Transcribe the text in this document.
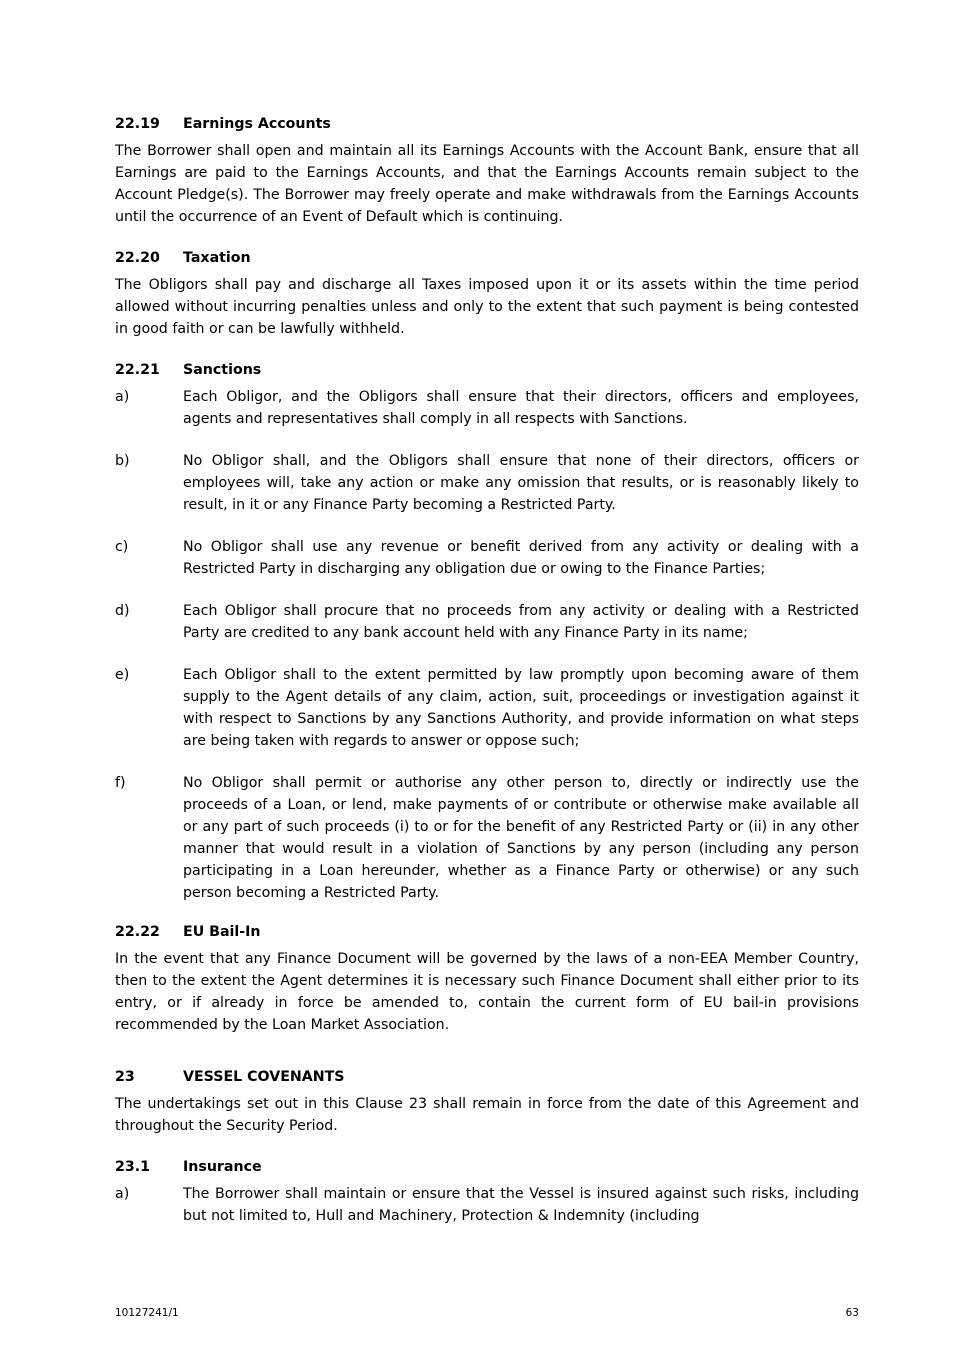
22.19	Earnings Accounts

The Borrower shall open and maintain all its Earnings Accounts with the Account Bank, ensure that all Earnings are paid to the Earnings Accounts, and that the Earnings Accounts remain subject to the Account Pledge(s). The Borrower may freely operate and make withdrawals from the Earnings Accounts until the occurrence of an Event of Default which is continuing.

22.20	Taxation

The Obligors shall pay and discharge all Taxes imposed upon it or its assets within the time period allowed without incurring penalties unless and only to the extent that such payment is being contested in good faith or can be lawfully withheld.

22.21	Sanctions
a)	Each Obligor, and the Obligors shall ensure that their directors, officers and employees, agents and representatives shall comply in all respects with Sanctions.
b)	No Obligor shall, and the Obligors shall ensure that none of their directors, officers or employees will, take any action or make any omission that results, or is reasonably likely to result, in it or any Finance Party becoming a Restricted Party.
c)	No Obligor shall use any revenue or benefit derived from any activity or dealing with a Restricted Party in discharging any obligation due or owing to the Finance Parties;
d)	Each Obligor shall procure that no proceeds from any activity or dealing with a Restricted Party are credited to any bank account held with any Finance Party in its name;
e)	Each Obligor shall to the extent permitted by law promptly upon becoming aware of them supply to the Agent details of any claim, action, suit, proceedings or investigation against it with respect to Sanctions by any Sanctions Authority, and provide information on what steps are being taken with regards to answer or oppose such;
f)	No Obligor shall permit or authorise any other person to, directly or indirectly use the proceeds of a Loan, or lend, make payments of or contribute or otherwise make available all or any part of such proceeds (i) to or for the benefit of any Restricted Party or (ii) in any other manner that would result in a violation of Sanctions by any person (including any person participating in a Loan hereunder, whether as a Finance Party or otherwise) or any such person becoming a Restricted Party.
22.22	EU Bail-In

In the event that any Finance Document will be governed by the laws of a non-EEA Member Country, then to the extent the Agent determines it is necessary such Finance Document shall either prior to its entry, or if already in force be amended to, contain the current form of EU bail-in provisions recommended by the Loan Market Association.

23	VESSEL COVENANTS

The undertakings set out in this Clause 23 shall remain in force from the date of this Agreement and throughout the Security Period.

23.1	Insurance
a)	The Borrower shall maintain or ensure that the Vessel is insured against such risks, including but not limited to, Hull and Machinery, Protection & Indemnity (including
10127241/1	63
